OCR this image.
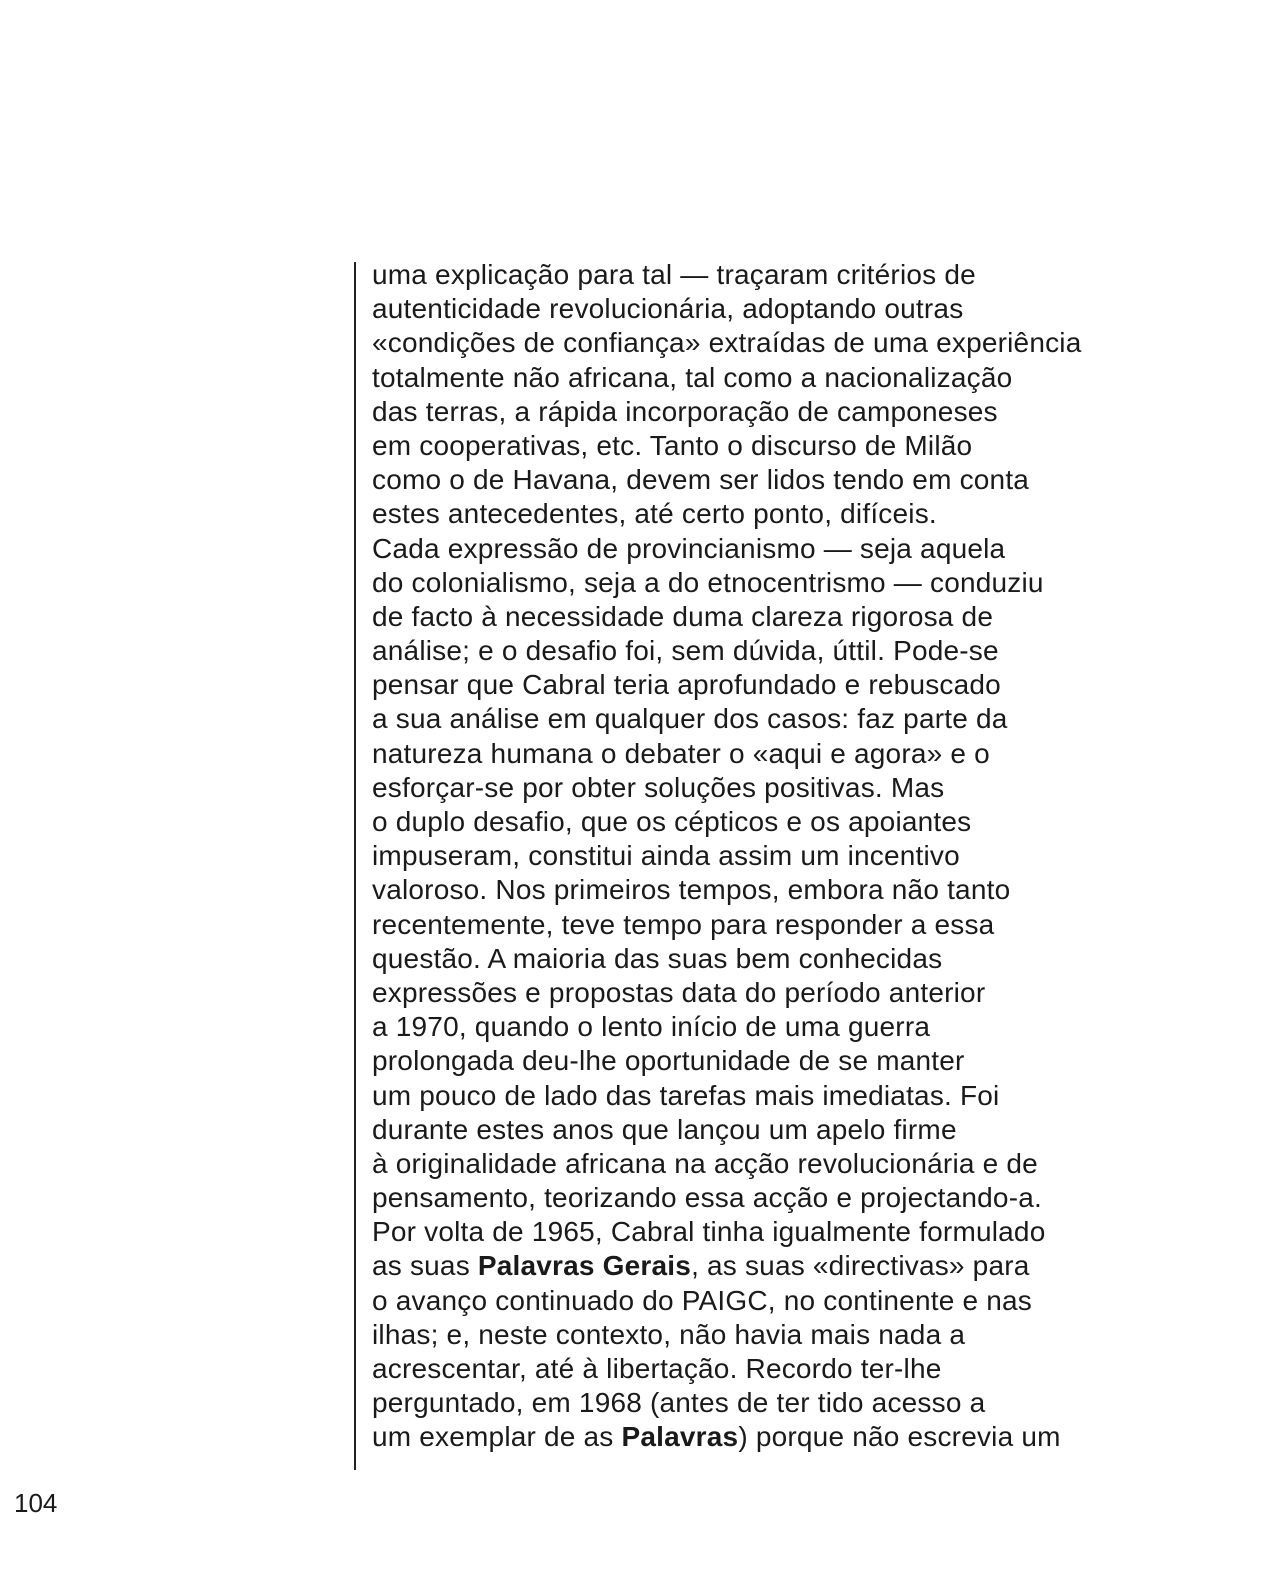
uma explicação para tal — traçaram critérios de
autenticidade revolucionária, adoptando outras
«condições de confiança» extraídas de uma experiência
totalmente não africana, tal como a nacionalização
das terras, a rápida incorporação de camponeses
em cooperativas, etc. Tanto o discurso de Milão
como o de Havana, devem ser lidos tendo em conta
estes antecedentes, até certo ponto, difíceis.
Cada expressão de provincianismo — seja aquela
do colonialismo, seja a do etnocentrismo — conduziu
de facto à necessidade duma clareza rigorosa de
análise; e o desafio foi, sem dúvida, úttil. Pode-se
pensar que Cabral teria aprofundado e rebuscado
a sua análise em qualquer dos casos: faz parte da
natureza humana o debater o «aqui e agora» e o
esforçar-se por obter soluções positivas. Mas
o duplo desafio, que os cépticos e os apoiantes
impuseram, constitui ainda assim um incentivo
valoroso. Nos primeiros tempos, embora não tanto
recentemente, teve tempo para responder a essa
questão. A maioria das suas bem conhecidas
expressões e propostas data do período anterior
a 1970, quando o lento início de uma guerra
prolongada deu-lhe oportunidade de se manter
um pouco de lado das tarefas mais imediatas. Foi
durante estes anos que lançou um apelo firme
à originalidade africana na acção revolucionária e de
pensamento, teorizando essa acção e projectando-a.
Por volta de 1965, Cabral tinha igualmente formulado
as suas Palavras Gerais, as suas «directivas» para
o avanço continuado do PAIGC, no continente e nas
ilhas; e, neste contexto, não havia mais nada a
acrescentar, até à libertação. Recordo ter-lhe
perguntado, em 1968 (antes de ter tido acesso a
um exemplar de as Palavras) porque não escrevia um
104
